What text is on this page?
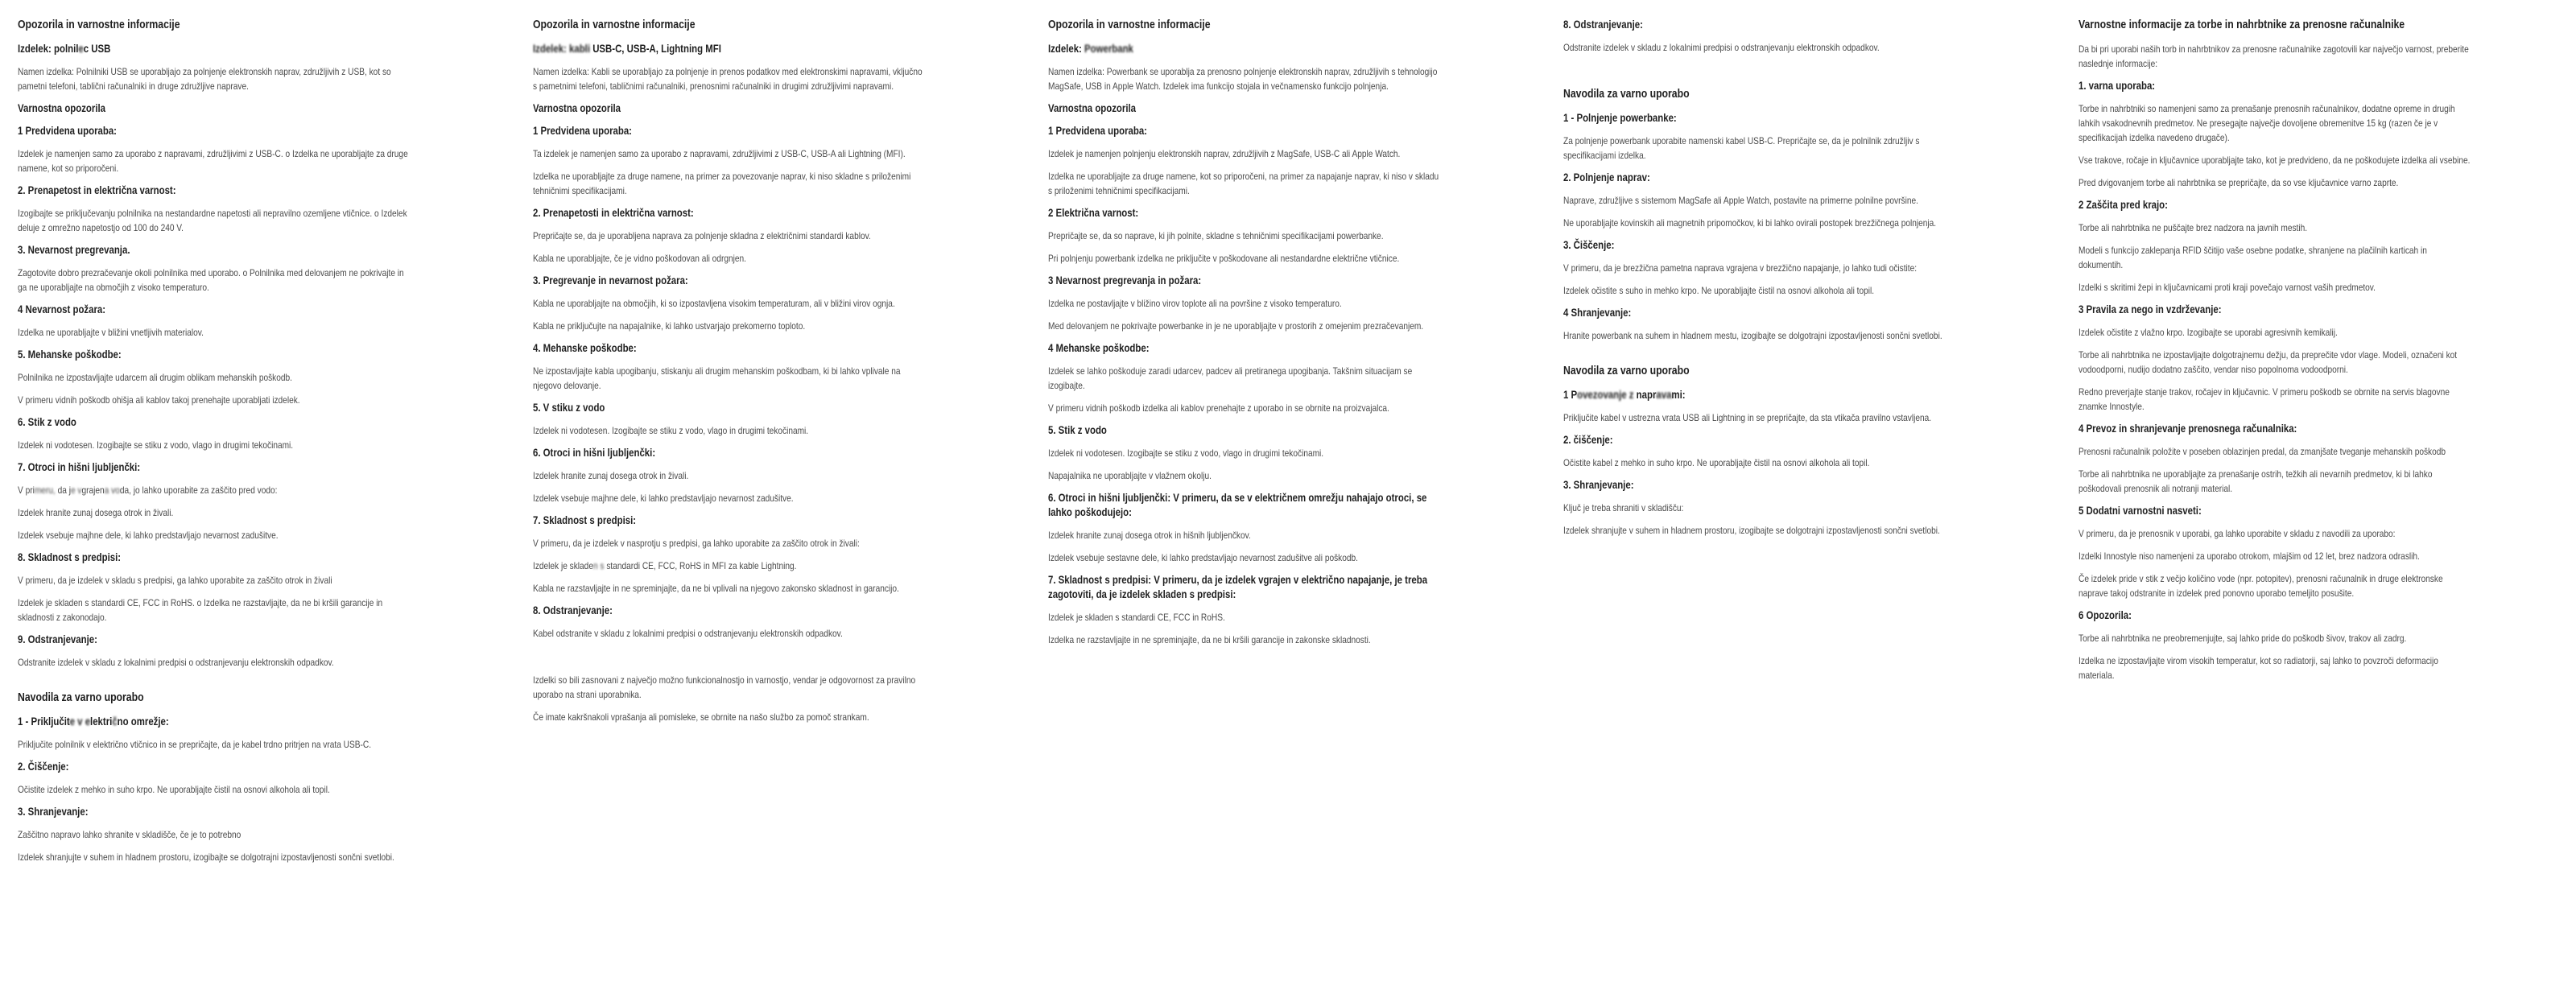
Opozorila in varnostne informacije
Izdelek: polnilec USB
Namen izdelka: Polnilniki USB se uporabljajo za polnjenje elektronskih naprav, združljivih z USB, kot so pametni telefoni, tablični računalniki in druge združljive naprave.
Varnostna opozorila
1 Predvidena uporaba:
Izdelek je namenjen samo za uporabo z napravami, združljivimi z USB-C. o Izdelka ne uporabljajte za druge namene, kot so priporočeni.
2. Prenapetost in električna varnost:
Izogibajte se priključevanju polnilnika na nestandardne napetosti ali nepravilno ozemljene vtičnice. o Izdelek deluje z omrežno napetostjo od 100 do 240 V.
3. Nevarnost pregrevanja.
Zagotovite dobro prezračevanje okoli polnilnika med uporabo. o Polnilnika med delovanjem ne pokrivajte in ga ne uporabljajte na območjih z visoko temperaturo.
4 Nevarnost požara:
Izdelka ne uporabljajte v bližini vnetljivih materialov.
5. Mehanske poškodbe:
Polnilnika ne izpostavljajte udarcem ali drugim oblikam mehanskih poškodb.
V primeru vidnih poškodb ohišja ali kablov takoj prenehajte uporabljati izdelek.
6. Stik z vodo
Izdelek ni vodotesen. Izogibajte se stiku z vodo, vlago in drugimi tekočinami.
7. Otroci in hišni ljubljenčki:
V primeru, da je vgrajena voda, jo lahko uporabite za zaščito pred vodo:
Izdelek hranite zunaj dosega otrok in živali.
Izdelek vsebuje majhne dele, ki lahko predstavljajo nevarnost zadušitve.
8. Skladnost s predpisi:
V primeru, da je izdelek v skladu s predpisi, ga lahko uporabite za zaščito otrok in živali
Izdelek je skladen s standardi CE, FCC in RoHS. o Izdelka ne razstavljajte, da ne bi kršili garancije in skladnosti z zakonodajo.
9. Odstranjevanje:
Odstranite izdelek v skladu z lokalnimi predpisi o odstranjevanju elektronskih odpadkov.
Navodila za varno uporabo
1 - Priključite v električno omrežje:
Priključite polnilnik v električno vtičnico in se prepričajte, da je kabel trdno pritrjen na vrata USB-C.
2. Čiščenje:
Očistite izdelek z mehko in suho krpo. Ne uporabljajte čistil na osnovi alkohola ali topil.
3. Shranjevanje:
Zaščitno napravo lahko shranite v skladišče, če je to potrebno
Izdelek shranjujte v suhem in hladnem prostoru, izogibajte se dolgotrajni izpostavljenosti sončni svetlobi.
Opozorila in varnostne informacije
Izdelek: kabli USB-C, USB-A, Lightning MFI
Namen izdelka: Kabli se uporabljajo za polnjenje in prenos podatkov med elektronskimi napravami, vključno s pametnimi telefoni, tabličnimi računalniki, prenosnimi računalniki in drugimi združljivimi napravami.
Varnostna opozorila
1 Predvidena uporaba:
Ta izdelek je namenjen samo za uporabo z napravami, združljivimi z USB-C, USB-A ali Lightning (MFI).
Izdelka ne uporabljajte za druge namene, na primer za povezovanje naprav, ki niso skladne s priloženimi tehničnimi specifikacijami.
2. Prenapetosti in električna varnost:
Prepričajte se, da je uporabljena naprava za polnjenje skladna z električnimi standardi kablov.
Kabla ne uporabljajte, če je vidno poškodovan ali odrgnjen.
3. Pregrevanje in nevarnost požara:
Kabla ne uporabljajte na območjih, ki so izpostavljena visokim temperaturam, ali v bližini virov ognja.
Kabla ne priključujte na napajalnike, ki lahko ustvarjajo prekomerno toploto.
4. Mehanske poškodbe:
Ne izpostavljajte kabla upogibanju, stiskanju ali drugim mehanskim poškodbam, ki bi lahko vplivale na njegovo delovanje.
5. V stiku z vodo
Izdelek ni vodotesen. Izogibajte se stiku z vodo, vlago in drugimi tekočinami.
6. Otroci in hišni ljubljenčki:
Izdelek hranite zunaj dosega otrok in živali.
Izdelek vsebuje majhne dele, ki lahko predstavljajo nevarnost zadušitve.
7. Skladnost s predpisi:
V primeru, da je izdelek v nasprotju s predpisi, ga lahko uporabite za zaščito otrok in živali:
Izdelek je skladen s standardi CE, FCC, RoHS in MFI za kable Lightning.
Kabla ne razstavljajte in ne spreminjajte, da ne bi vplivali na njegovo zakonsko skladnost in garancijo.
8. Odstranjevanje:
Kabel odstranite v skladu z lokalnimi predpisi o odstranjevanju elektronskih odpadkov.
Izdelki so bili zasnovani z največjo možno funkcionalnostjo in varnostjo, vendar je odgovornost za pravilno uporabo na strani uporabnika.
Če imate kakršnakoli vprašanja ali pomisleke, se obrnite na našo službo za pomoč strankam.
Opozorila in varnostne informacije
Izdelek: Powerbank
Namen izdelka: Powerbank se uporablja za prenosno polnjenje elektronskih naprav, združljivih s tehnologijo MagSafe, USB in Apple Watch. Izdelek ima funkcijo stojala in večnamensko funkcijo polnjenja.
Varnostna opozorila
1 Predvidena uporaba:
Izdelek je namenjen polnjenju elektronskih naprav, združljivih z MagSafe, USB-C ali Apple Watch.
Izdelka ne uporabljajte za druge namene, kot so priporočeni, na primer za napajanje naprav, ki niso v skladu s priloženimi tehničnimi specifikacijami.
2 Električna varnost:
Prepričajte se, da so naprave, ki jih polnite, skladne s tehničnimi specifikacijami powerbanke.
Pri polnjenju powerbank izdelka ne priključite v poškodovane ali nestandardne električne vtičnice.
3 Nevarnost pregrevanja in požara:
Izdelka ne postavljajte v bližino virov toplote ali na površine z visoko temperaturo.
Med delovanjem ne pokrivajte powerbanke in je ne uporabljajte v prostorih z omejenim prezračevanjem.
4 Mehanske poškodbe:
Izdelek se lahko poškoduje zaradi udarcev, padcev ali pretiranega upogibanja. Takšnim situacijam se izogibajte.
V primeru vidnih poškodb izdelka ali kablov prenehajte z uporabo in se obrnite na proizvajalca.
5. Stik z vodo
Izdelek ni vodotesen. Izogibajte se stiku z vodo, vlago in drugimi tekočinami.
Napajalnika ne uporabljajte v vlažnem okolju.
6. Otroci in hišni ljubljenčki: V primeru, da se v električnem omrežju nahajajo otroci, se lahko poškodujejo:
Izdelek hranite zunaj dosega otrok in hišnih ljubljenčkov.
Izdelek vsebuje sestavne dele, ki lahko predstavljajo nevarnost zadušitve ali poškodb.
7. Skladnost s predpisi: V primeru, da je izdelek vgrajen v električno napajanje, je treba zagotoviti, da je izdelek skladen s predpisi:
Izdelek je skladen s standardi CE, FCC in RoHS.
Izdelka ne razstavljajte in ne spreminjajte, da ne bi kršili garancije in zakonske skladnosti.
8. Odstranjevanje:
Odstranite izdelek v skladu z lokalnimi predpisi o odstranjevanju elektronskih odpadkov.
Navodila za varno uporabo
1 - Polnjenje powerbanke:
Za polnjenje powerbank uporabite namenski kabel USB-C. Prepričajte se, da je polnilnik združljiv s specifikacijami izdelka.
2. Polnjenje naprav:
Naprave, združljive s sistemom MagSafe ali Apple Watch, postavite na primerne polnilne površine.
Ne uporabljajte kovinskih ali magnetnih pripomočkov, ki bi lahko ovirali postopek brezžičnega polnjenja.
3. Čiščenje:
V primeru, da je brezžična pametna naprava vgrajena v brezžično napajanje, jo lahko tudi očistite:
Izdelek očistite s suho in mehko krpo. Ne uporabljajte čistil na osnovi alkohola ali topil.
4 Shranjevanje:
Hranite powerbank na suhem in hladnem mestu, izogibajte se dolgotrajni izpostavljenosti sončni svetlobi.
Navodila za varno uporabo
1 Povezovanje z napravami:
Priključite kabel v ustrezna vrata USB ali Lightning in se prepričajte, da sta vtikača pravilno vstavljena.
2. čiščenje:
Očistite kabel z mehko in suho krpo. Ne uporabljajte čistil na osnovi alkohola ali topil.
3. Shranjevanje:
Ključ je treba shraniti v skladišču:
Izdelek shranjujte v suhem in hladnem prostoru, izogibajte se dolgotrajni izpostavljenosti sončni svetlobi.
Varnostne informacije za torbe in nahrbtnike za prenosne računalnike
Da bi pri uporabi naših torb in nahrbtnikov za prenosne računalnike zagotovili kar največjo varnost, preberite naslednje informacije:
1. varna uporaba:
Torbe in nahrbtniki so namenjeni samo za prenašanje prenosnih računalnikov, dodatne opreme in drugih lahkih vsakodnevnih predmetov. Ne presegajte največje dovoljene obremenitve 15 kg (razen če je v specifikacijah izdelka navedeno drugače).
Vse trakove, ročaje in ključavnice uporabljajte tako, kot je predvideno, da ne poškodujete izdelka ali vsebine.
Pred dvigovanjem torbe ali nahrbtnika se prepričajte, da so vse ključavnice varno zaprte.
2 Zaščita pred krajo:
Torbe ali nahrbtnika ne puščajte brez nadzora na javnih mestih.
Modeli s funkcijo zaklepanja RFID ščitijo vaše osebne podatke, shranjene na plačilnih karticah in dokumentih.
Izdelki s skritimi žepi in ključavnicami proti kraji povečajo varnost vaših predmetov.
3 Pravila za nego in vzdrževanje:
Izdelek očistite z vlažno krpo. Izogibajte se uporabi agresivnih kemikalij.
Torbe ali nahrbtnika ne izpostavljajte dolgotrajnemu dežju, da preprečite vdor vlage. Modeli, označeni kot vodoodporni, nudijo dodatno zaščito, vendar niso popolnoma vodoodporni.
Redno preverjajte stanje trakov, ročajev in ključavnic. V primeru poškodb se obrnite na servis blagovne znamke Innostyle.
4 Prevoz in shranjevanje prenosnega računalnika:
Prenosni računalnik položite v poseben oblazinjen predal, da zmanjšate tveganje mehanskih poškodb
Torbe ali nahrbtnika ne uporabljajte za prenašanje ostrih, težkih ali nevarnih predmetov, ki bi lahko poškodovali prenosnik ali notranji material.
5 Dodatni varnostni nasveti:
V primeru, da je prenosnik v uporabi, ga lahko uporabite v skladu z navodili za uporabo:
Izdelki Innostyle niso namenjeni za uporabo otrokom, mlajšim od 12 let, brez nadzora odraslih.
Če izdelek pride v stik z večjo količino vode (npr. potopitev), prenosni računalnik in druge elektronske naprave takoj odstranite in izdelek pred ponovno uporabo temeljito posušite.
6 Opozorila:
Torbe ali nahrbtnika ne preobremenjujte, saj lahko pride do poškodb šivov, trakov ali zadrg.
Izdelka ne izpostavljajte virom visokih temperatur, kot so radiatorji, saj lahko to povzroči deformacijo materiala.
